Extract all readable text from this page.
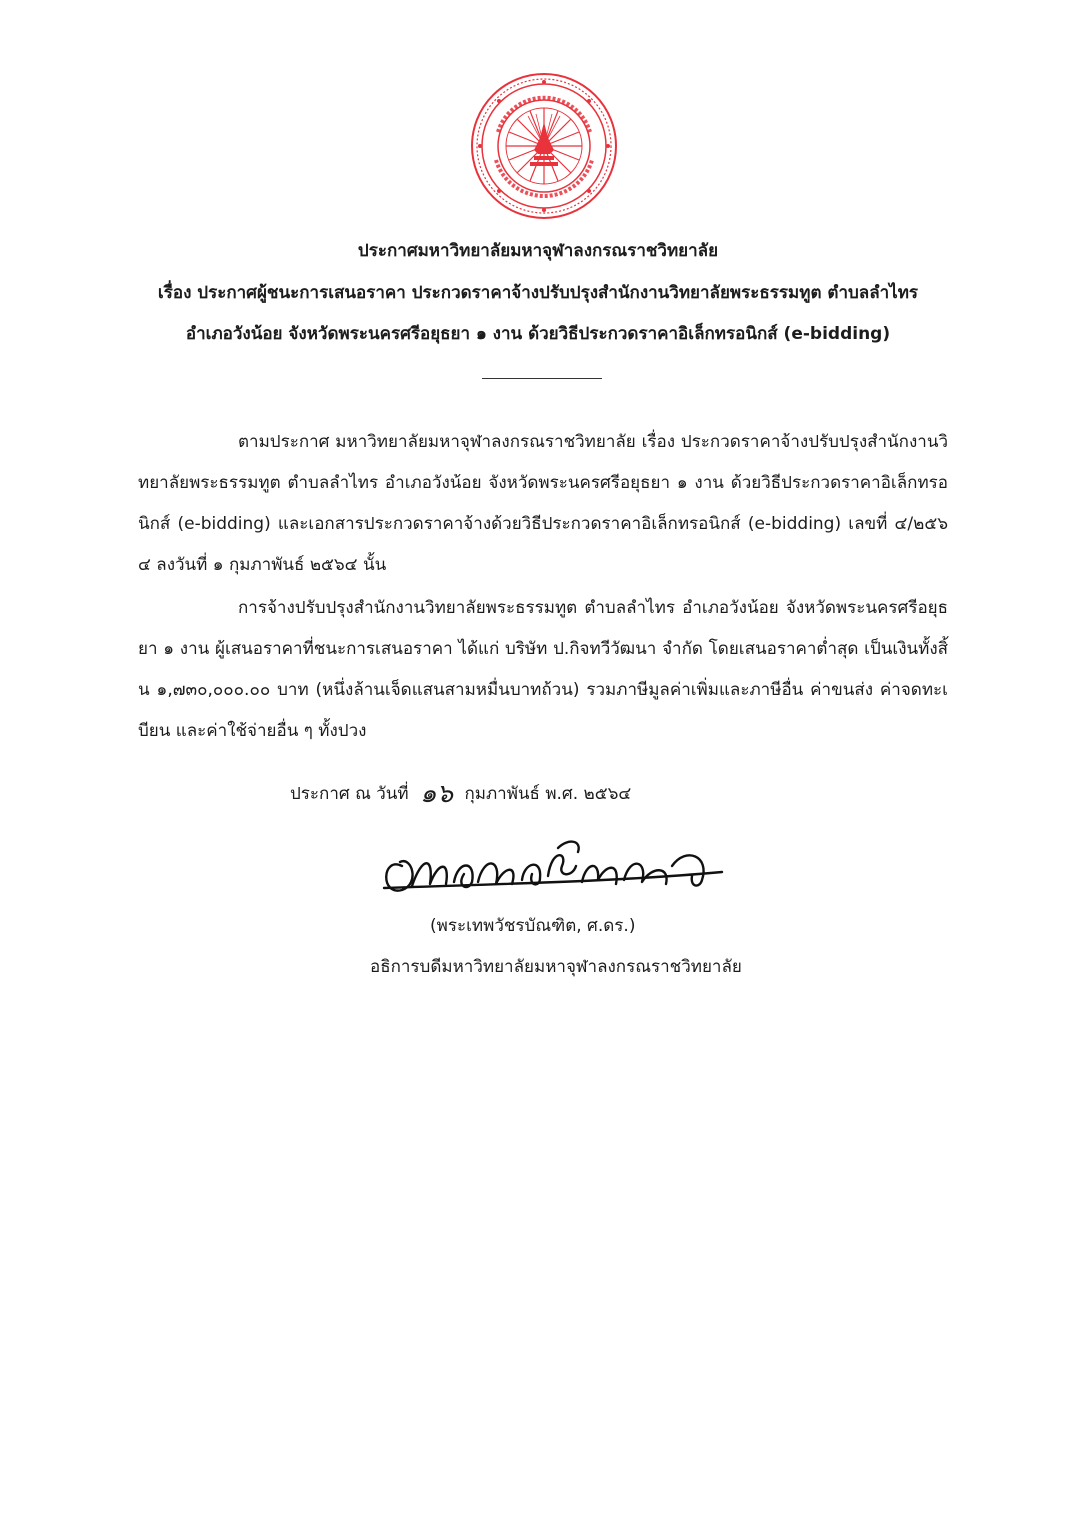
ประกาศมหาวิทยาลัยมหาจุฬาลงกรณราชวิทยาลัย
เรื่อง ประกาศผู้ชนะการเสนอราคา ประกวดราคาจ้างปรับปรุงสำนักงานวิทยาลัยพระธรรมทูต ตำบลลำไทร
อำเภอวังน้อย จังหวัดพระนครศรีอยุธยา ๑ งาน ด้วยวิธีประกวดราคาอิเล็กทรอนิกส์ (e-bidding)

ตามประกาศ มหาวิทยาลัยมหาจุฬาลงกรณราชวิทยาลัย เรื่อง ประกวดราคาจ้างปรับปรุงสำนักงานวิทยาลัยพระธรรมทูต ตำบลลำไทร อำเภอวังน้อย จังหวัดพระนครศรีอยุธยา ๑ งาน ด้วยวิธีประกวดราคาอิเล็กทรอนิกส์ (e-bidding) และเอกสารประกวดราคาจ้างด้วยวิธีประกวดราคาอิเล็กทรอนิกส์ (e-bidding) เลขที่ ๔/๒๕๖๔ ลงวันที่ ๑ กุมภาพันธ์ ๒๕๖๔ นั้น

การจ้างปรับปรุงสำนักงานวิทยาลัยพระธรรมทูต ตำบลลำไทร อำเภอวังน้อย จังหวัดพระนครศรีอยุธยา ๑ งาน ผู้เสนอราคาที่ชนะการเสนอราคา ได้แก่ บริษัท ป.กิจทวีวัฒนา จำกัด โดยเสนอราคาต่ำสุด เป็นเงินทั้งสิ้น ๑,๗๓๐,๐๐๐.๐๐ บาท (หนึ่งล้านเจ็ดแสนสามหมื่นบาทถ้วน) รวมภาษีมูลค่าเพิ่มและภาษีอื่น ค่าขนส่ง ค่าจดทะเบียน และค่าใช้จ่ายอื่น ๆ ทั้งปวง

ประกาศ ณ วันที่ ๑๖ กุมภาพันธ์ พ.ศ. ๒๕๖๔
(พระเทพวัชรบัณฑิต, ศ.ดร.)
อธิการบดีมหาวิทยาลัยมหาจุฬาลงกรณราชวิทยาลัย
